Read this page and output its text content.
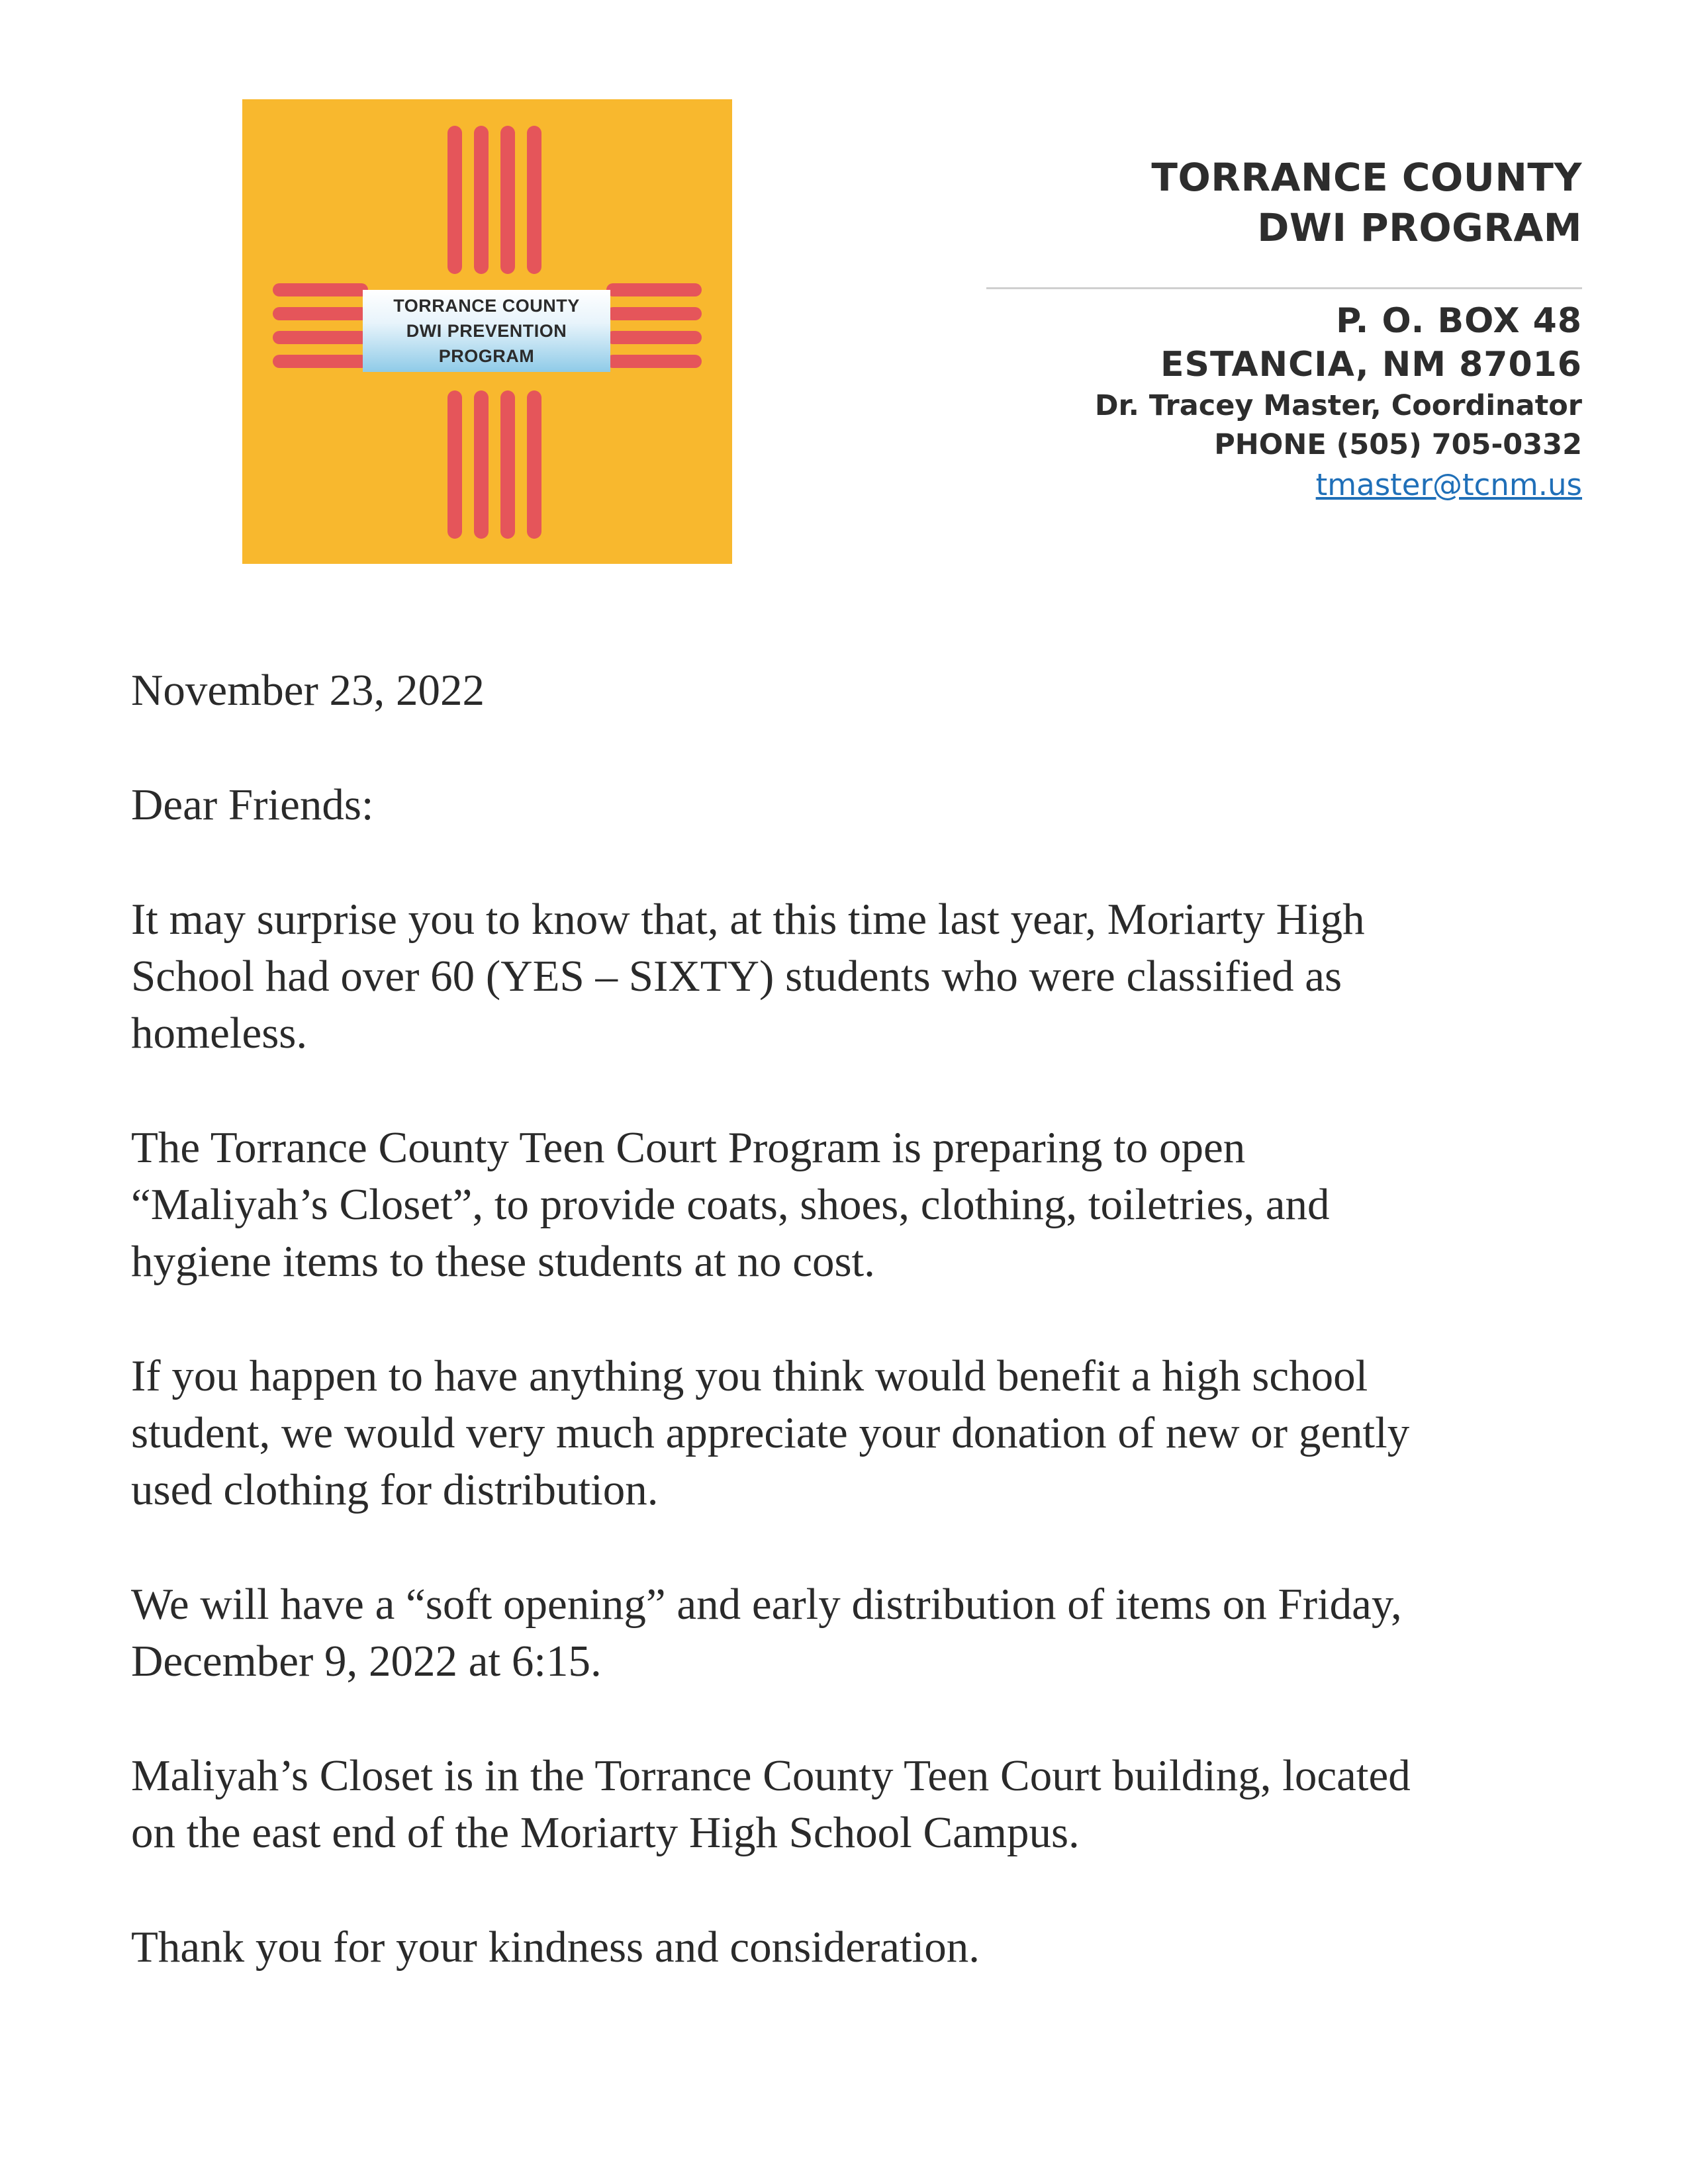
TORRANCE COUNTY
DWI PREVENTION
PROGRAM
TORRANCE COUNTY
DWI PROGRAM
P. O. BOX 48
ESTANCIA, NM 87016
Dr. Tracey Master, Coordinator
PHONE (505) 705-0332
tmaster@tcnm.us

November 23, 2022

Dear Friends:

It may surprise you to know that, at this time last year, Moriarty High
School had over 60 (YES – SIXTY) students who were classified as
homeless.

The Torrance County Teen Court Program is preparing to open
“Maliyah’s Closet”, to provide coats, shoes, clothing, toiletries, and
hygiene items to these students at no cost.

If you happen to have anything you think would benefit a high school
student, we would very much appreciate your donation of new or gently
used clothing for distribution.

We will have a “soft opening” and early distribution of items on Friday,
December 9, 2022 at 6:15.

Maliyah’s Closet is in the Torrance County Teen Court building, located
on the east end of the Moriarty High School Campus.

Thank you for your kindness and consideration.
